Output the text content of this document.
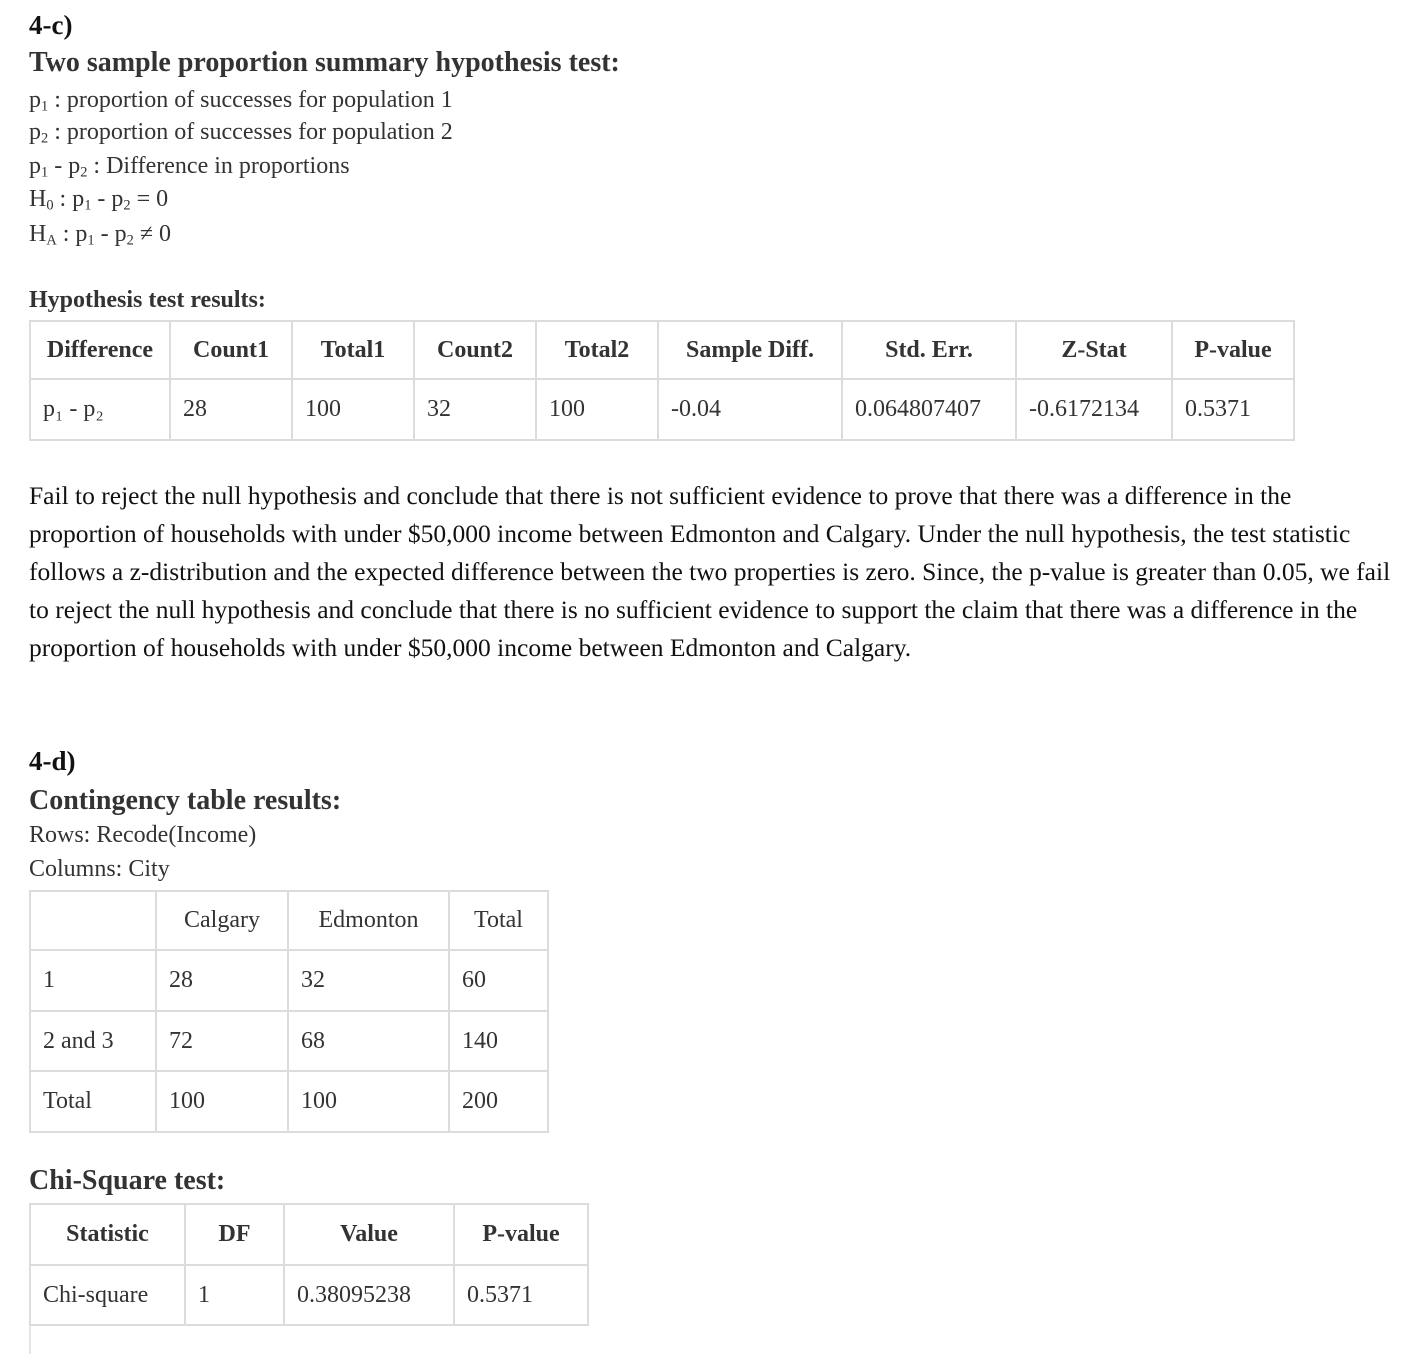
4-c)
Two sample proportion summary hypothesis test:
$p_1$ : proportion of successes for population 1
$p_2$ : proportion of successes for population 2
$p_1 - p_2$ : Difference in proportions
$H_0$ : $p_1 - p_2 = 0$
$H_A$ : $p_1 - p_2 \ne 0$
Hypothesis test results:
Difference	Count1	Total1	Count2	Total2	Sample Diff.	Std. Err.	Z-Stat	P-value
p₁ - p₂	28	100	32	100	-0.04	0.064807407	-0.6172134	0.5371
Fail to reject the null hypothesis and conclude that there is not sufficient evidence to prove that there was a difference in the proportion of households with under $50,000 income between Edmonton and Calgary. Under the null hypothesis, the test statistic follows a z-distribution and the expected difference between the two properties is zero. Since, the p-value is greater than 0.05, we fail to reject the null hypothesis and conclude that there is no sufficient evidence to support the claim that there was a difference in the proportion of households with under $50,000 income between Edmonton and Calgary.
4-d)
Contingency table results:
Rows: Recode(Income)
Columns: City
	Calgary	Edmonton	Total
1	28	32	60
2 and 3	72	68	140
Total	100	100	200
Chi-Square test:
Statistic	DF	Value	P-value
Chi-square	1	0.38095238	0.5371
